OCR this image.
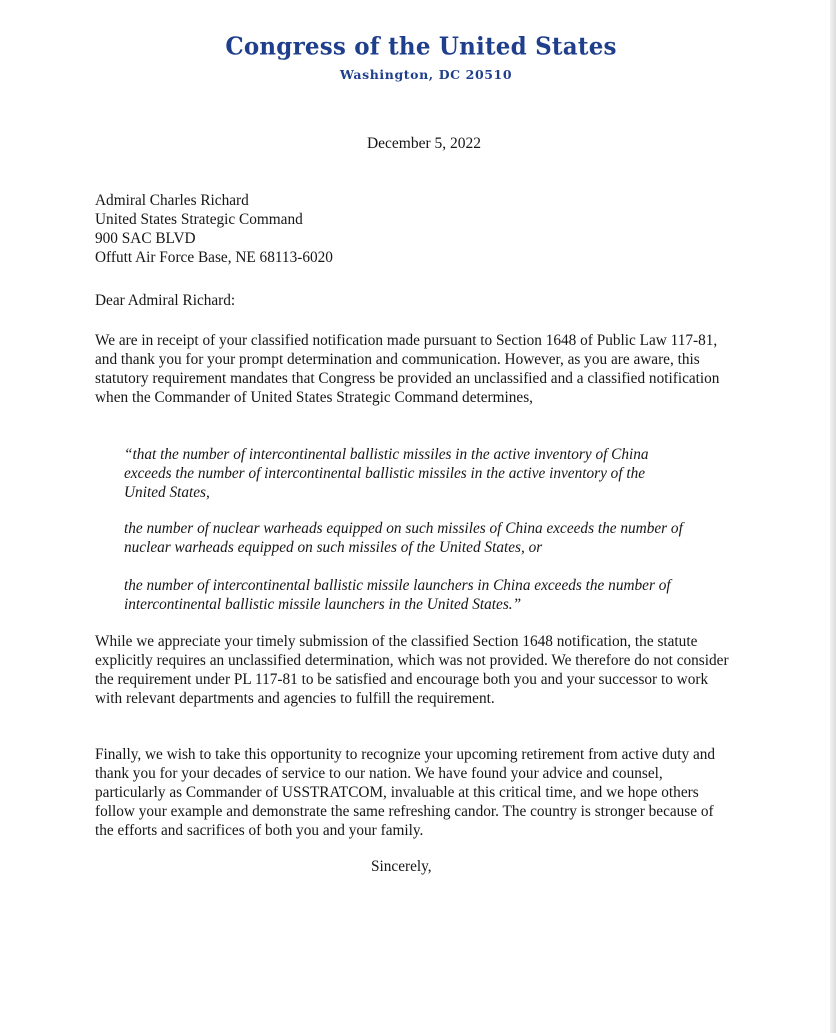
Congress of the United States
Washington, DC 20510
December 5, 2022
Admiral Charles Richard
United States Strategic Command
900 SAC BLVD
Offutt Air Force Base, NE 68113-6020
Dear Admiral Richard:
We are in receipt of your classified notification made pursuant to Section 1648 of Public Law 117-81, and thank you for your prompt determination and communication. However, as you are aware, this statutory requirement mandates that Congress be provided an unclassified and a classified notification when the Commander of United States Strategic Command determines,
“that the number of intercontinental ballistic missiles in the active inventory of China exceeds the number of intercontinental ballistic missiles in the active inventory of the United States,
the number of nuclear warheads equipped on such missiles of China exceeds the number of nuclear warheads equipped on such missiles of the United States, or
the number of intercontinental ballistic missile launchers in China exceeds the number of intercontinental ballistic missile launchers in the United States.”
While we appreciate your timely submission of the classified Section 1648 notification, the statute explicitly requires an unclassified determination, which was not provided. We therefore do not consider the requirement under PL 117-81 to be satisfied and encourage both you and your successor to work with relevant departments and agencies to fulfill the requirement.
Finally, we wish to take this opportunity to recognize your upcoming retirement from active duty and thank you for your decades of service to our nation. We have found your advice and counsel, particularly as Commander of USSTRATCOM, invaluable at this critical time, and we hope others follow your example and demonstrate the same refreshing candor. The country is stronger because of the efforts and sacrifices of both you and your family.
Sincerely,
